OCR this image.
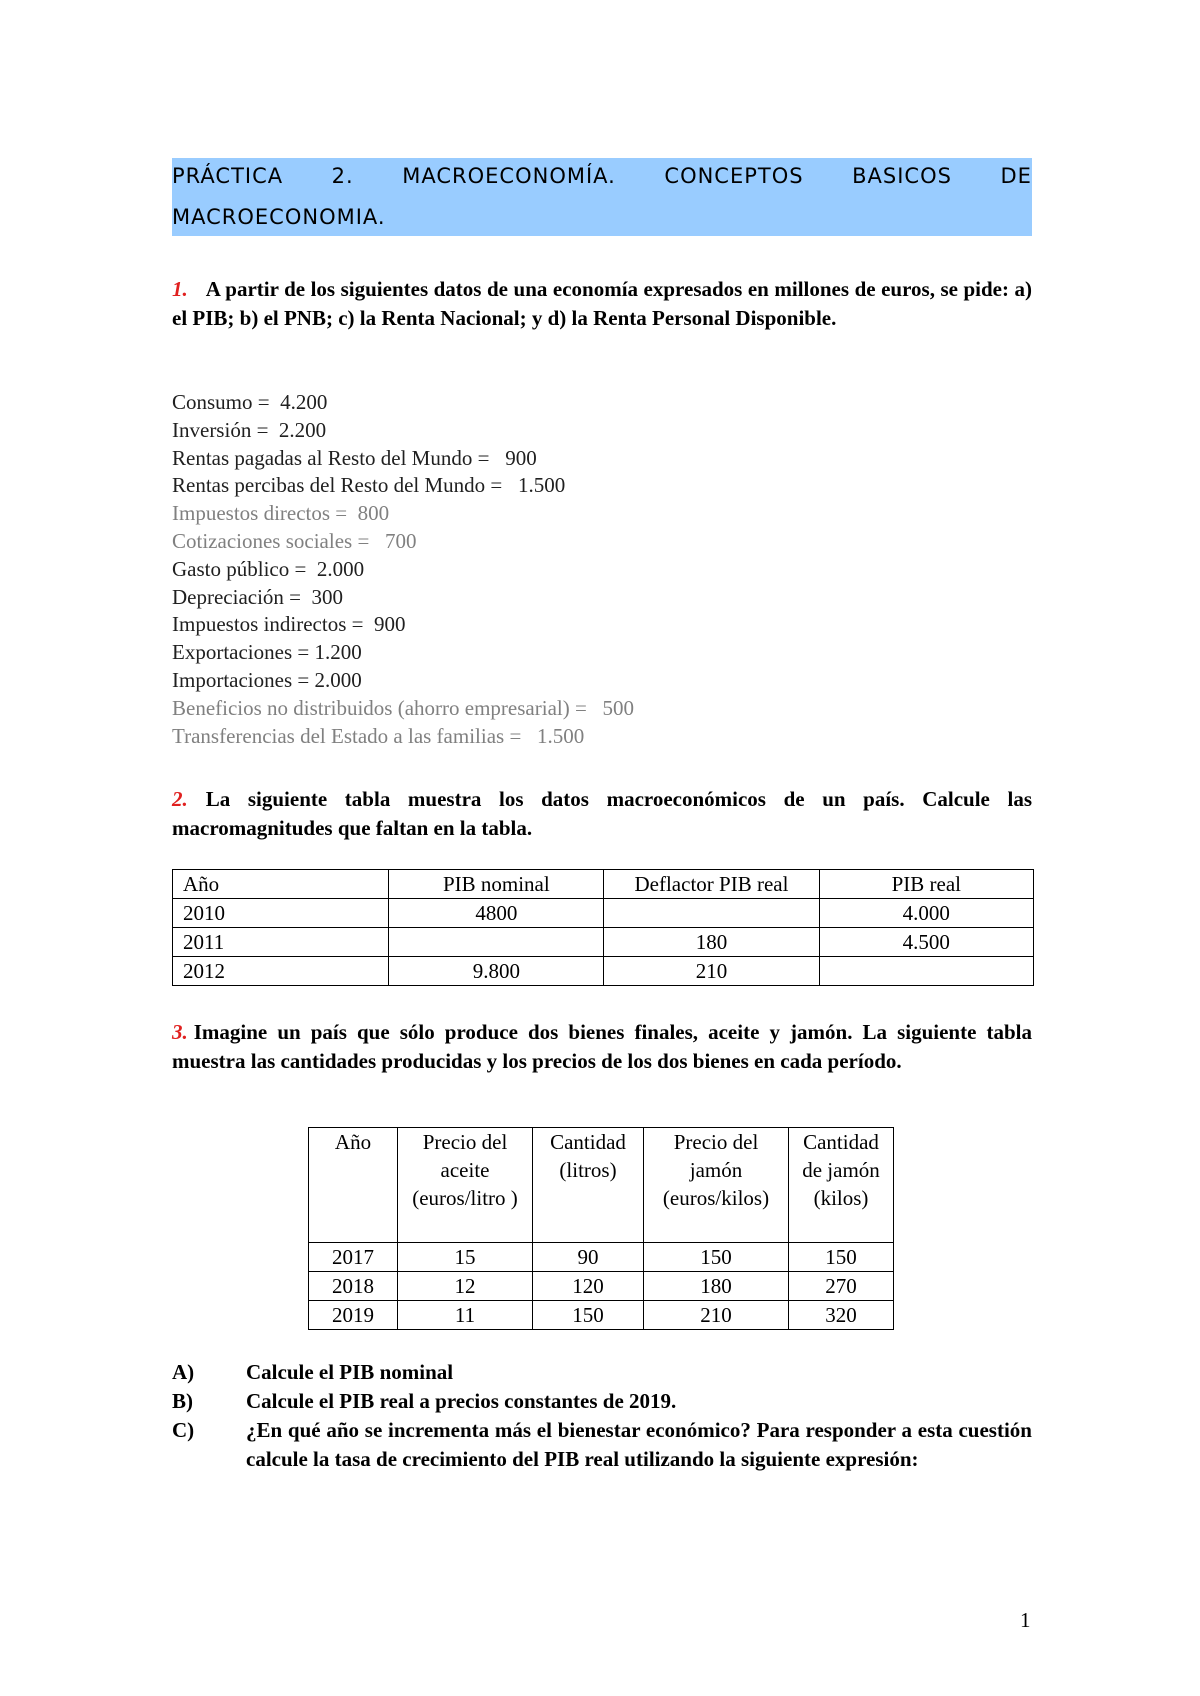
PRÁCTICA 2. MACROECONOMÍA. CONCEPTOS BASICOS DE
MACROECONOMIA.
1. A partir de los siguientes datos de una economía expresados en millones de euros, se pide: a) el PIB; b) el PNB; c) la Renta Nacional; y d) la Renta Personal Disponible.
Consumo =  4.200
Inversión =  2.200
Rentas pagadas al Resto del Mundo =   900
Rentas percibas del Resto del Mundo =   1.500
Impuestos directos =  800
Cotizaciones sociales =   700
Gasto público =  2.000
Depreciación =  300
Impuestos indirectos =  900
Exportaciones = 1.200
Importaciones = 2.000
Beneficios no distribuidos (ahorro empresarial) =   500
Transferencias del Estado a las familias =   1.500
2. La siguiente tabla muestra los datos macroeconómicos de un país. Calcule las macromagnitudes que faltan en la tabla.
Año	PIB nominal	Deflactor PIB real	PIB real
2010	4800		4.000
2011		180	4.500
2012	9.800	210	
3. Imagine un país que sólo produce dos bienes finales, aceite y jamón. La siguiente tabla muestra las cantidades producidas y los precios de los dos bienes en cada período.
Año	Precio del aceite (euros/litro )	Cantidad (litros)	Precio del jamón (euros/kilos)	Cantidad de jamón (kilos)
2017	15	90	150	150
2018	12	120	180	270
2019	11	150	210	320
A)	Calcule el PIB nominal
B)	Calcule el PIB real a precios constantes de 2019.
C)	¿En qué año se incrementa más el bienestar económico? Para responder a esta cuestión calcule la tasa de crecimiento del PIB real utilizando la siguiente expresión:
1
